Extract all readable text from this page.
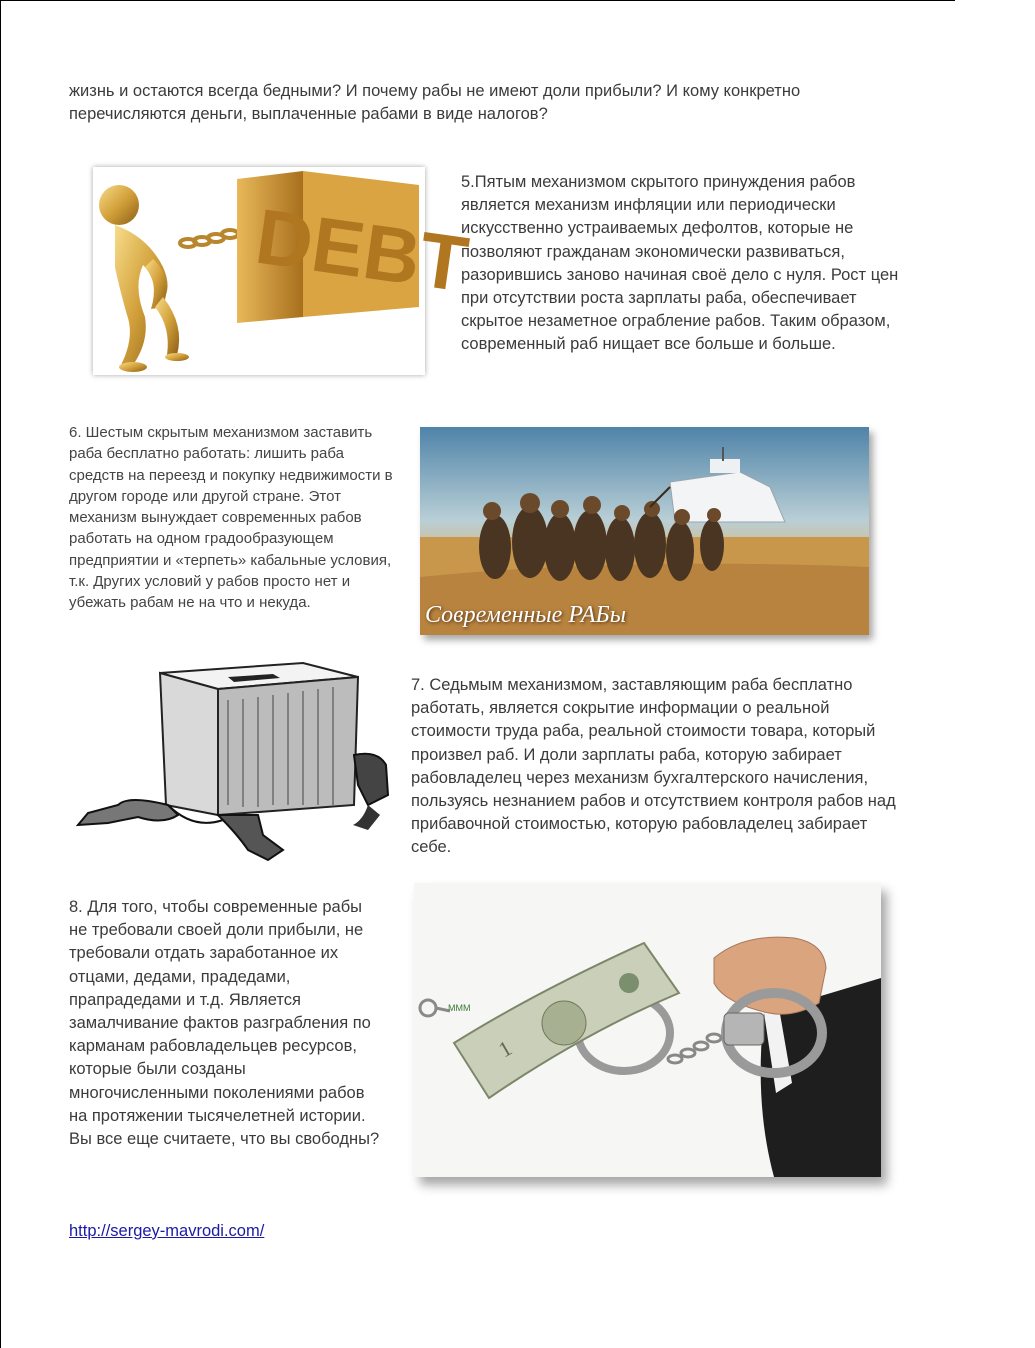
жизнь и остаются всегда бедными? И почему рабы не имеют доли прибыли? И кому конкретно перечисляются деньги, выплаченные рабами в виде налогов?

DEBT

5.Пятым механизмом скрытого принуждения рабов является механизм инфляции или периодически искусственно устраиваемых дефолтов, которые не позволяют гражданам экономически развиваться, разорившись заново начиная своё дело с нуля. Рост цен при отсутствии роста зарплаты раба, обеспечивает скрытое незаметное ограбление рабов. Таким образом, современный раб нищает все больше и больше.

6. Шестым скрытым механизмом заставить раба бесплатно работать: лишить раба средств на переезд и покупку недвижимости в другом городе или другой стране. Этот механизм вынуждает современных рабов работать на одном градообразующем предприятии и «терпеть» кабальные условия, т.к. Других условий у рабов просто нет и убежать рабам не на что и некуда.	Современные РАБы

7. Седьмым механизмом, заставляющим раба бесплатно работать, является сокрытие информации о реальной стоимости труда раба, реальной стоимости товара, который произвел раб. И доли зарплаты раба, которую забирает рабовладелец через механизм бухгалтерского начисления, пользуясь незнанием рабов и отсутствием контроля рабов над прибавочной стоимостью, которую рабовладелец забирает себе.

8. Для того, чтобы современные рабы не требовали своей доли прибыли, не требовали отдать заработанное их отцами, дедами, прадедами, прапрадедами и т.д. Является замалчивание фактов разграбления по карманам рабовладельцев ресурсов, которые были созданы многочисленными поколениями рабов на протяжении тысячелетней истории. Вы все еще считаете, что вы свободны?

1
MMM
http://sergey-mavrodi.com/
